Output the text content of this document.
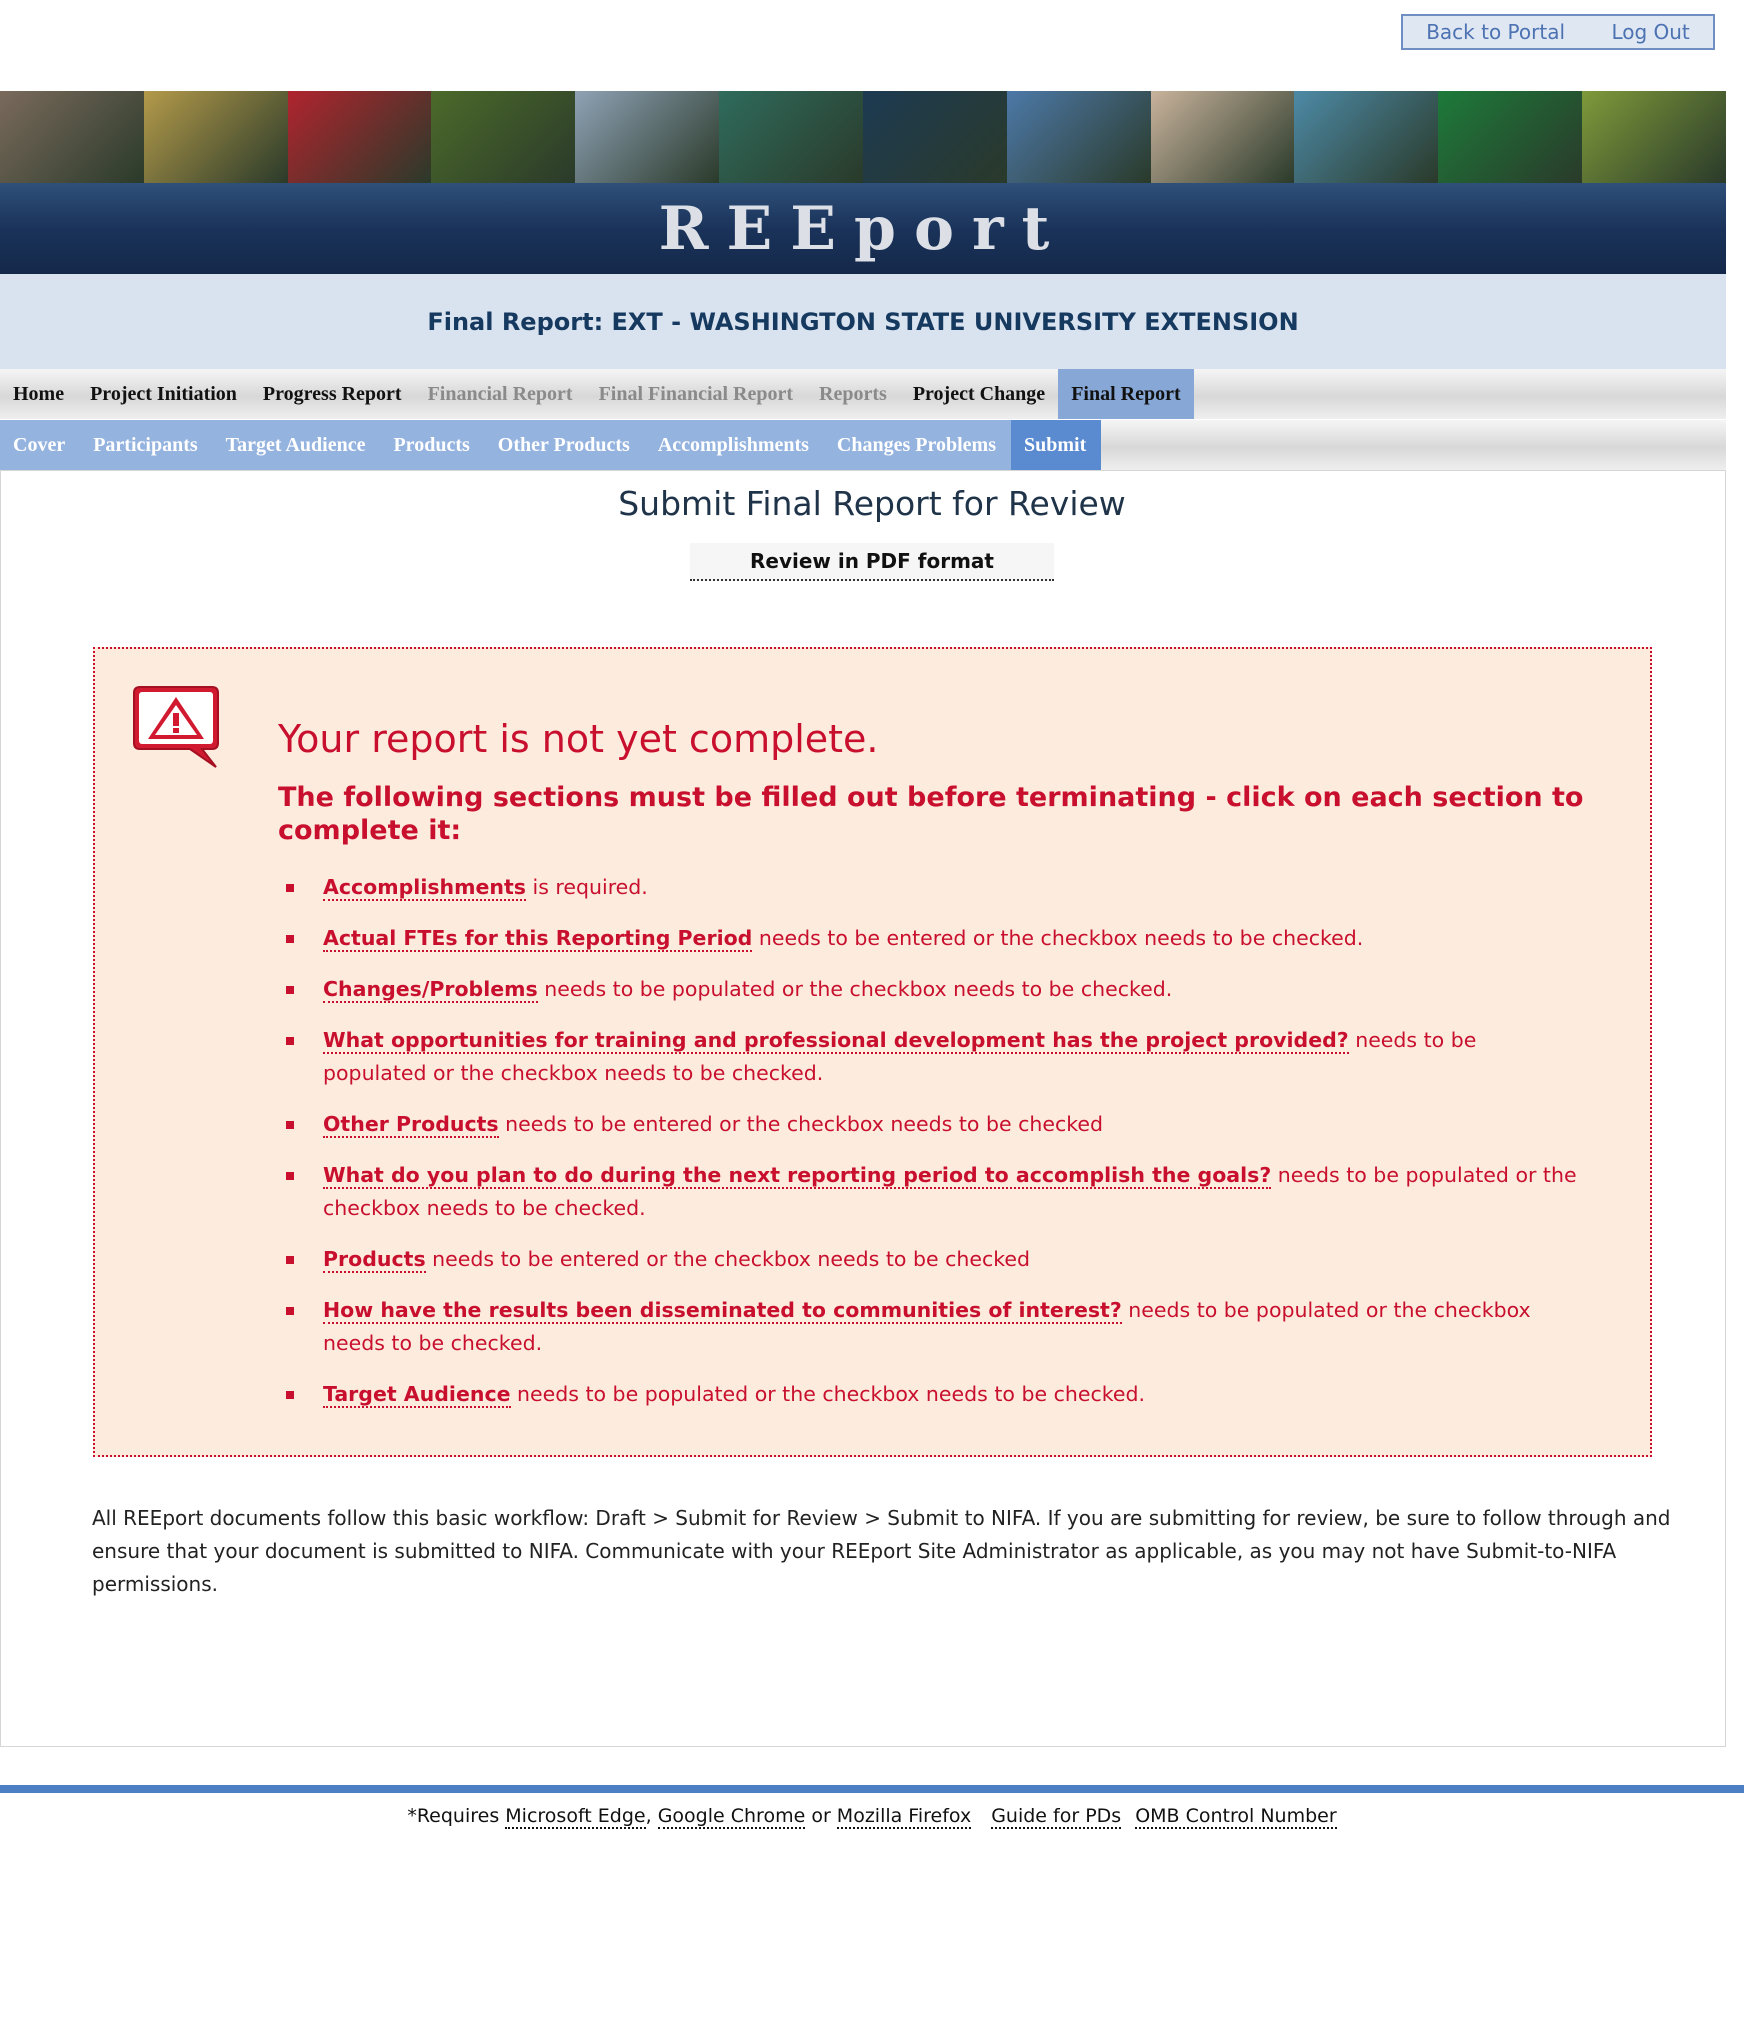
Back to Portal Log Out
REEport
Final Report: EXT - WASHINGTON STATE UNIVERSITY EXTENSION
Home	Project Initiation	Progress Report	Financial Report	Final Financial Report	Reports	Project Change	Final Report
Cover	Participants	Target Audience	Products	Other Products	Accomplishments	Changes Problems	Submit
Submit Final Report for Review
Review in PDF format
Your report is not yet complete.
The following sections must be filled out before terminating - click on each section to complete it:
Accomplishments is required.
Actual FTEs for this Reporting Period needs to be entered or the checkbox needs to be checked.
Changes/Problems needs to be populated or the checkbox needs to be checked.
What opportunities for training and professional development has the project provided? needs to be populated or the checkbox needs to be checked.
Other Products needs to be entered or the checkbox needs to be checked
What do you plan to do during the next reporting period to accomplish the goals? needs to be populated or the checkbox needs to be checked.
Products needs to be entered or the checkbox needs to be checked
How have the results been disseminated to communities of interest? needs to be populated or the checkbox needs to be checked.
Target Audience needs to be populated or the checkbox needs to be checked.
All REEport documents follow this basic workflow: Draft > Submit for Review > Submit to NIFA. If you are submitting for review, be sure to follow through and ensure that your document is submitted to NIFA. Communicate with your REEport Site Administrator as applicable, as you may not have Submit-to-NIFA permissions.
*Requires Microsoft Edge, Google Chrome or Mozilla Firefox Guide for PDs OMB Control Number
